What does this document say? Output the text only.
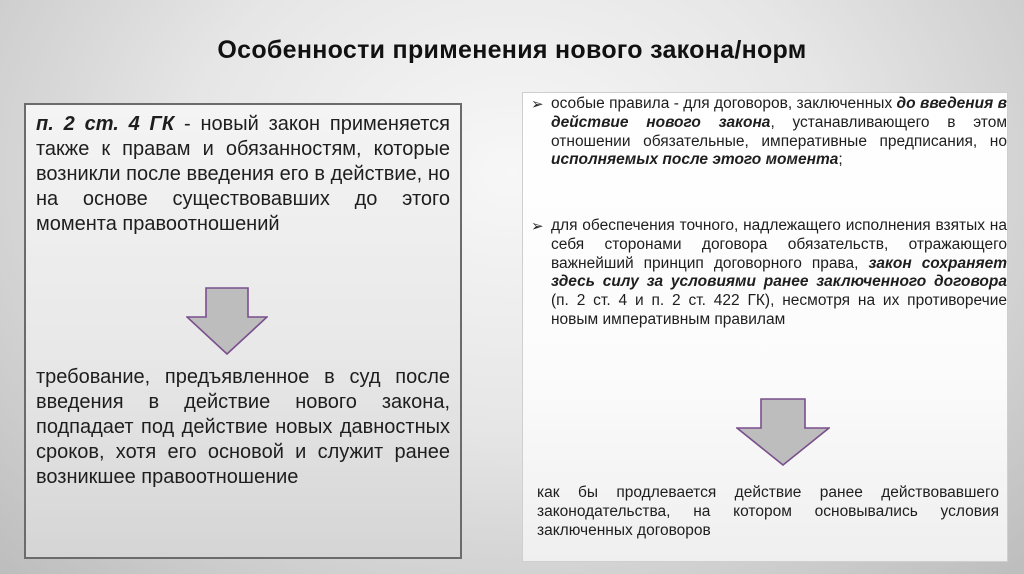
Особенности применения нового закона/норм
п. 2 ст. 4 ГК - новый закон применяется также к правам и обязанностям, которые возникли после введения его в действие, но на основе существовавших до этого момента правоотношений
требование, предъявленное в суд после введения в действие нового закона, подпадает под действие новых давностных сроков, хотя его основой и служит ранее возникшее правоотношение
➢ особые правила - для договоров, заключенных до введения в действие нового закона, устанавливающего в этом отношении обязательные, императивные предписания, но исполняемых после этого момента;
➢ для обеспечения точного, надлежащего исполнения взятых на себя сторонами договора обязательств, отражающего важнейший принцип договорного права, закон сохраняет здесь силу за условиями ранее заключенного договора (п. 2 ст. 4 и п. 2 ст. 422 ГК), несмотря на их противоречие новым императивным правилам
как бы продлевается действие ранее действовавшего законодательства, на котором основывались условия заключенных договоров
